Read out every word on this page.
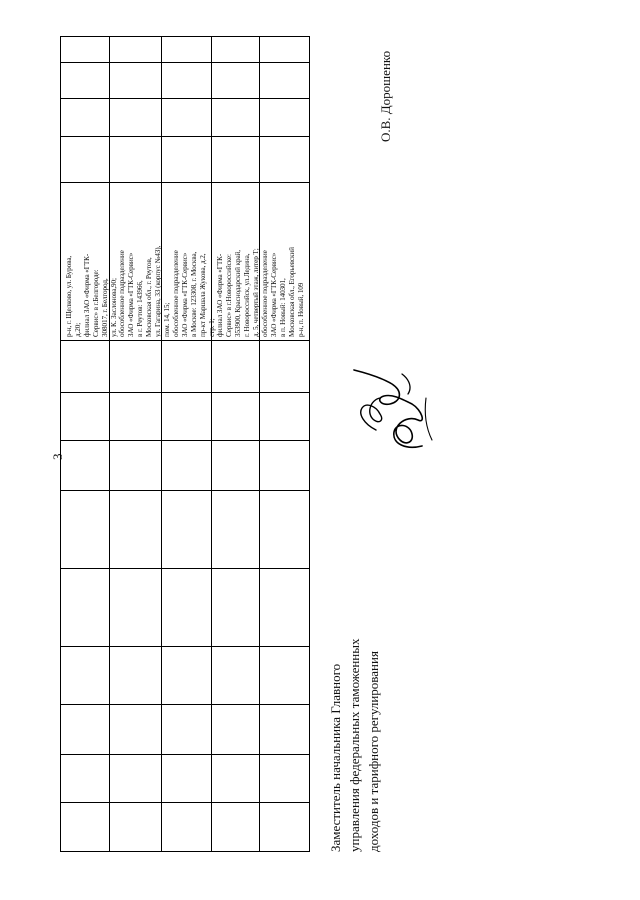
3
р-н, г. Щелково, ул. Бурова,
д.20;
филиал ЗАО «Фирма «ГТК-
Сервис» в г.Белгороде:
308017, г. Белгород,
ул. К. Заслонова,90;
обособленное подразделение
ЗАО «Фирма «ГТК-Сервис»
в г. Реутов: 143966,
Московская обл., г. Реутов,
ул. Гагарина, 33 (корпус №43),
пом. 14, 15;
обособленное подразделение
ЗАО «Фирма «ГТК-Сервис»
в Москве: 123308, г. Москва,
пр-кт Маршала Жукова, д.2,
стр. 1;
филиал ЗАО «Фирма «ГТК-
Сервис» в г.Новороссийске:
353900, Краснодарский край,
г. Новороссийск, ул.Ледина,
д. 5, четвертый этаж, литер Т;
обособленное подразделение
ЗАО «Фирма «ГТК-Сервис»
в п. Новый: 140301,
Московская обл., Егорьевский
р-н, п. Новый, 109
Заместитель начальника Главного
управления федеральных таможенных
доходов и тарифного регулирования
О.В. Дорошенко
